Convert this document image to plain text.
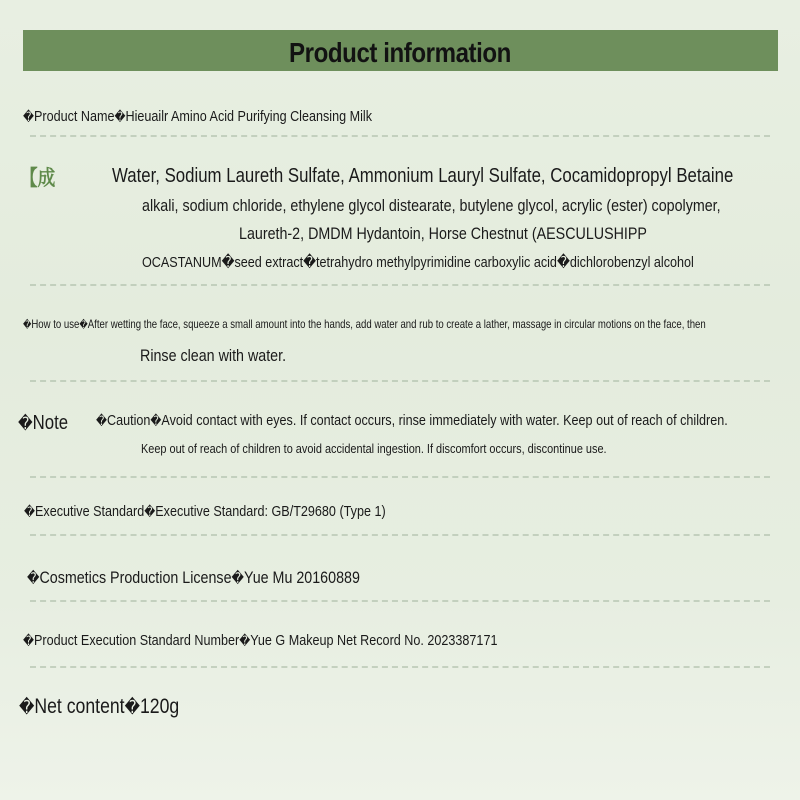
Product information
�Product Name�Hieuailr Amino Acid Purifying Cleansing Milk
【成	Water, Sodium Laureth Sulfate, Ammonium Lauryl Sulfate, Cocamidopropyl Betaine
alkali, sodium chloride, ethylene glycol distearate, butylene glycol, acrylic (ester) copolymer,
Laureth-2, DMDM Hydantoin, Horse Chestnut (AESCULUSHIPP
OCASTANUM�seed extract�tetrahydro methylpyrimidine carboxylic acid�dichlorobenzyl alcohol
�How to use�After wetting the face, squeeze a small amount into the hands, add water and rub to create a lather, massage in circular motions on the face, then
Rinse clean with water.
�Note �Caution�Avoid contact with eyes. If contact occurs, rinse immediately with water. Keep out of reach of children.
Keep out of reach of children to avoid accidental ingestion. If discomfort occurs, discontinue use.
�Executive Standard�Executive Standard: GB/T29680 (Type 1)
�Cosmetics Production License�Yue Mu 20160889
�Product Execution Standard Number�Yue G Makeup Net Record No. 2023387171
�Net content�120g
